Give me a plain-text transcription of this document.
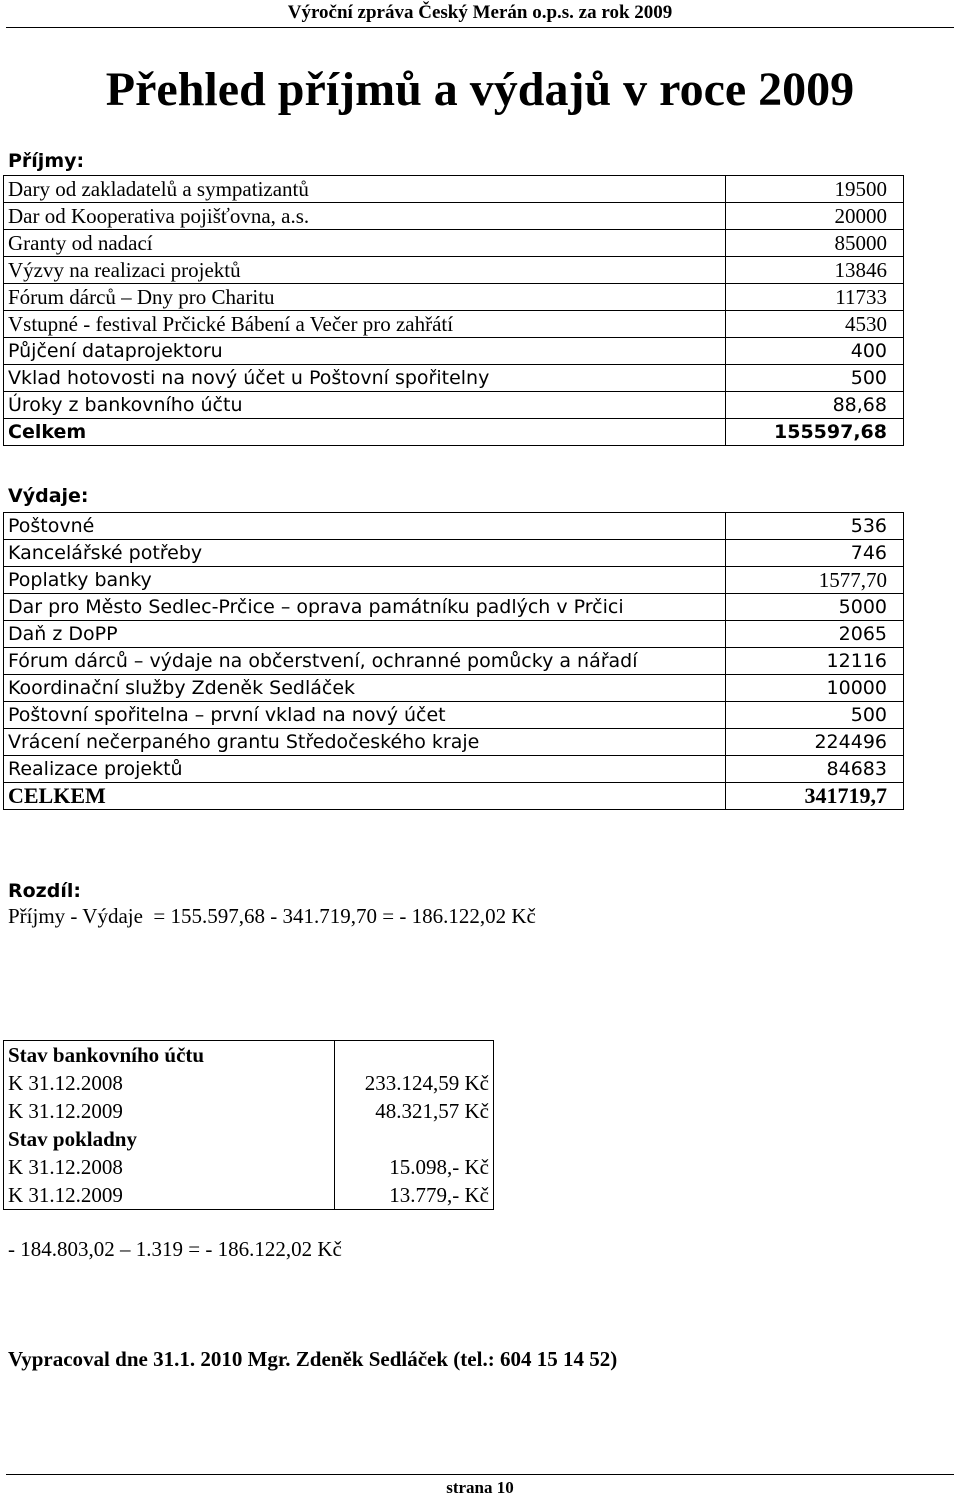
Výroční zpráva Český Merán o.p.s. za rok 2009
Přehled příjmů a výdajů v roce 2009
Příjmy:
Dary od zakladatelů a sympatizantů	19500
Dar od Kooperativa pojišťovna, a.s.	20000
Granty od nadací	85000
Výzvy na realizaci projektů	13846
Fórum dárců – Dny pro Charitu	11733
Vstupné - festival Prčické Bábení a Večer pro zahřátí	4530
Půjčení dataprojektoru	400
Vklad hotovosti na nový účet u Poštovní spořitelny	500
Úroky z bankovního účtu	88,68
Celkem	155597,68
Výdaje:
Poštovné	536
Kancelářské potřeby	746
Poplatky banky	1577,70
Dar pro Město Sedlec-Prčice – oprava památníku padlých v Prčici	5000
Daň z DoPP	2065
Fórum dárců – výdaje na občerstvení, ochranné pomůcky a nářadí	12116
Koordinační služby Zdeněk Sedláček	10000
Poštovní spořitelna – první vklad na nový účet	500
Vrácení nečerpaného grantu Středočeského kraje	224496
Realizace projektů	84683
CELKEM	341719,7
Rozdíl:
Příjmy - Výdaje  = 155.597,68 - 341.719,70 = - 186.122,02 Kč
Stav bankovního účtu	
K 31.12.2008	233.124,59 Kč
K 31.12.2009	48.321,57 Kč
Stav pokladny	
K 31.12.2008	15.098,- Kč
K 31.12.2009	13.779,- Kč
- 184.803,02 – 1.319 = - 186.122,02 Kč
Vypracoval dne 31.1. 2010 Mgr. Zdeněk Sedláček (tel.: 604 15 14 52)
strana 10
